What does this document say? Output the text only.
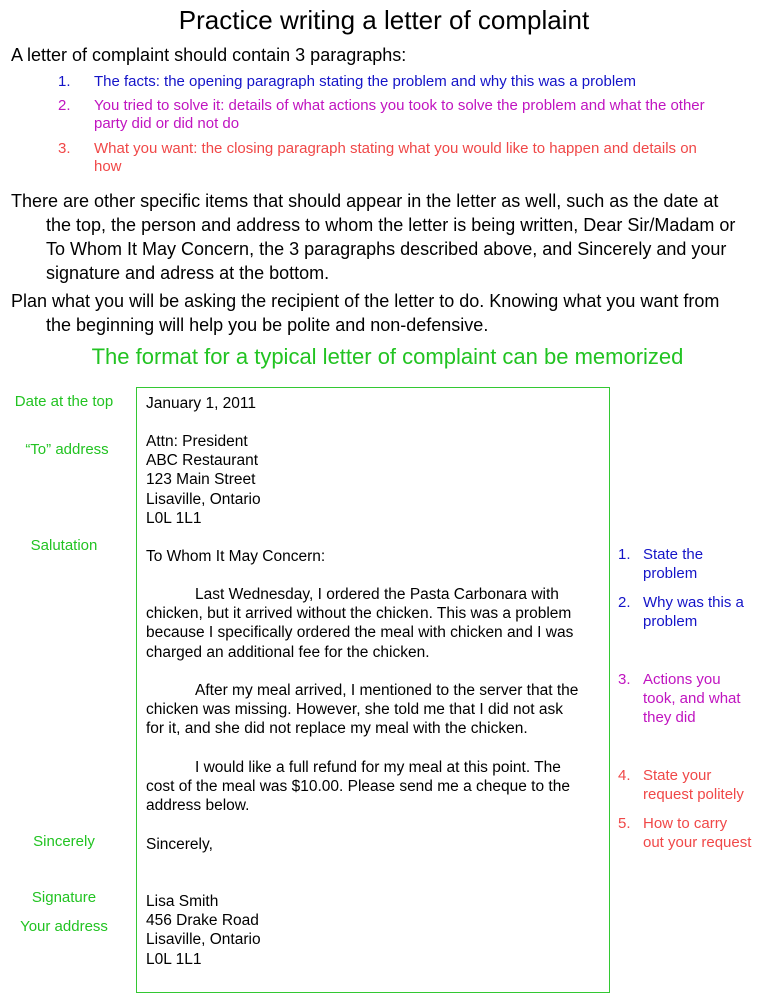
Practice writing a letter of complaint
A letter of complaint should contain 3 paragraphs:
1. The facts: the opening paragraph stating the problem and why this was a problem
2. You tried to solve it: details of what actions you took to solve the problem and what the other
party did or did not do
3. What you want: the closing paragraph stating what you would like to happen and details on
how
There are other specific items that should appear in the letter as well, such as the date at
the top, the person and address to whom the letter is being written, Dear Sir/Madam or
To Whom It May Concern, the 3 paragraphs described above, and Sincerely and your
signature and adress at the bottom.
Plan what you will be asking the recipient of the letter to do. Knowing what you want from
the beginning will help you be polite and non-defensive.
The format for a typical letter of complaint can be memorized
Date at the top
“To” address
Salutation
Sincerely
Signature
Your address
January 1, 2011
Attn: President
ABC Restaurant
123 Main Street
Lisaville, Ontario
L0L 1L1
To Whom It May Concern:
Last Wednesday, I ordered the Pasta Carbonara with
chicken, but it arrived without the chicken. This was a problem
because I specifically ordered the meal with chicken and I was
charged an additional fee for the chicken.
After my meal arrived, I mentioned to the server that the
chicken was missing. However, she told me that I did not ask
for it, and she did not replace my meal with the chicken.
I would like a full refund for my meal at this point. The
cost of the meal was $10.00. Please send me a cheque to the
address below.
Sincerely,
Lisa Smith
456 Drake Road
Lisaville, Ontario
L0L 1L1
1. State the
problem
2. Why was this a
problem
3. Actions you
took, and what
they did
4. State your
request politely
5. How to carry
out your request
